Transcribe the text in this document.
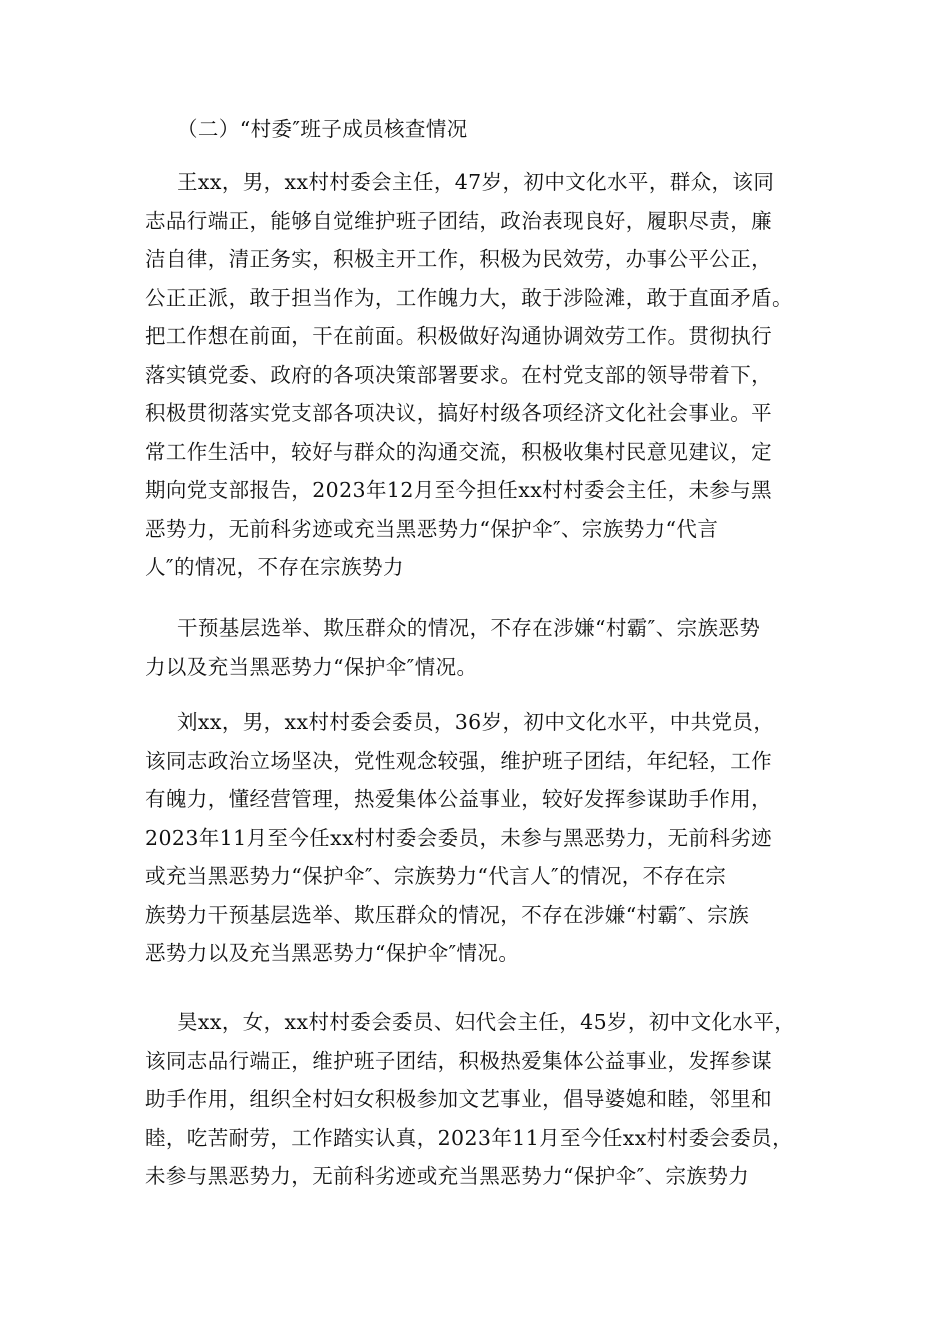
（二）“村委″班子成员核查情况

王xx，男，xx村村委会主任，47岁，初中文化水平，群众，该同
志品行端正，能够自觉维护班子团结，政治表现良好，履职尽责，廉
洁自律，清正务实，积极主开工作，积极为民效劳，办事公平公正，
公正正派，敢于担当作为，工作魄力大，敢于涉险滩，敢于直面矛盾。
把工作想在前面，干在前面。积极做好沟通协调效劳工作。贯彻执行
落实镇党委、政府的各项决策部署要求。在村党支部的领导带着下，
积极贯彻落实党支部各项决议，搞好村级各项经济文化社会事业。平
常工作生活中，较好与群众的沟通交流，积极收集村民意见建议，定
期向党支部报告，2023年12月至今担任xx村村委会主任，未参与黑
恶势力，无前科劣迹或充当黑恶势力“保护伞″、宗族势力“代言
人″的情况，不存在宗族势力

干预基层选举、欺压群众的情况，不存在涉嫌“村霸″、宗族恶势
力以及充当黑恶势力“保护伞″情况。

刘xx，男，xx村村委会委员，36岁，初中文化水平，中共党员，
该同志政治立场坚决，党性观念较强，维护班子团结，年纪轻，工作
有魄力，懂经营管理，热爱集体公益事业，较好发挥参谋助手作用，
2023年11月至今任xx村村委会委员，未参与黑恶势力，无前科劣迹
或充当黑恶势力“保护伞″、宗族势力“代言人″的情况，不存在宗
族势力干预基层选举、欺压群众的情况，不存在涉嫌“村霸″、宗族
恶势力以及充当黑恶势力“保护伞″情况。

昊xx，女，xx村村委会委员、妇代会主任，45岁，初中文化水平，
该同志品行端正，维护班子团结，积极热爱集体公益事业，发挥参谋
助手作用，组织全村妇女积极参加文艺事业，倡导婆媳和睦，邻里和
睦，吃苦耐劳，工作踏实认真，2023年11月至今任xx村村委会委员，
未参与黑恶势力，无前科劣迹或充当黑恶势力“保护伞″、宗族势力
